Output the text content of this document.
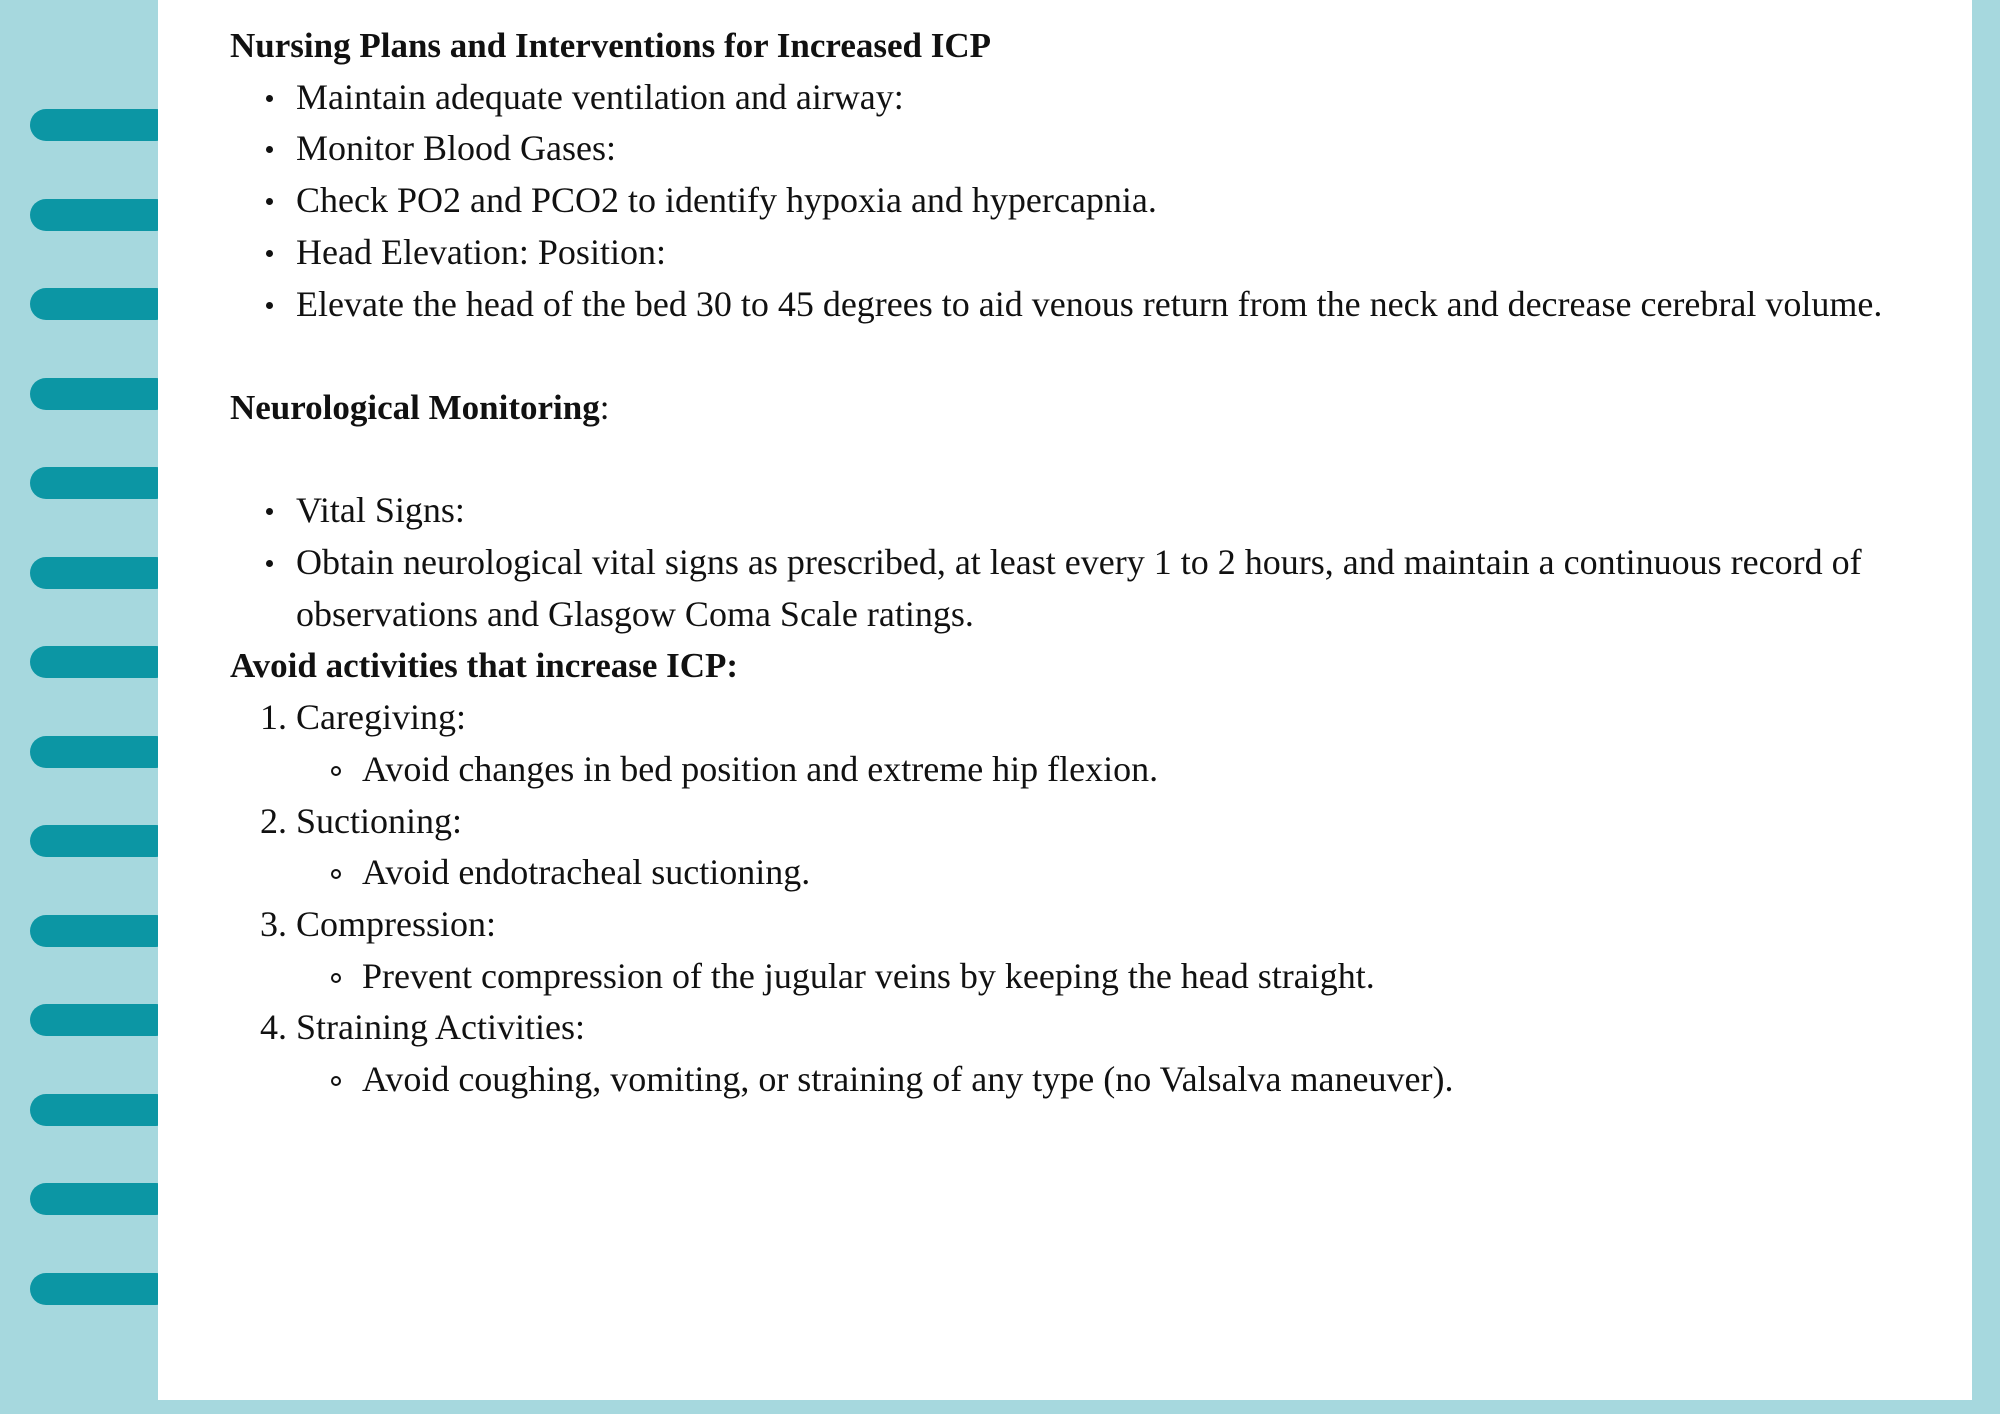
Nursing Plans and Interventions for Increased ICP

Maintain adequate ventilation and airway:
Monitor Blood Gases:
Check PO2 and PCO2 to identify hypoxia and hypercapnia.
Head Elevation: Position:
Elevate the head of the bed 30 to 45 degrees to aid venous return from the neck and decrease cerebral volume.

Neurological Monitoring:

Vital Signs:
Obtain neurological vital signs as prescribed, at least every 1 to 2 hours, and maintain a continuous record of observations and Glasgow Coma Scale ratings.

Avoid activities that increase ICP:

1. Caregiving:
Avoid changes in bed position and extreme hip flexion.
2. Suctioning:
Avoid endotracheal suctioning.
3. Compression:
Prevent compression of the jugular veins by keeping the head straight.
4. Straining Activities:
Avoid coughing, vomiting, or straining of any type (no Valsalva maneuver).
